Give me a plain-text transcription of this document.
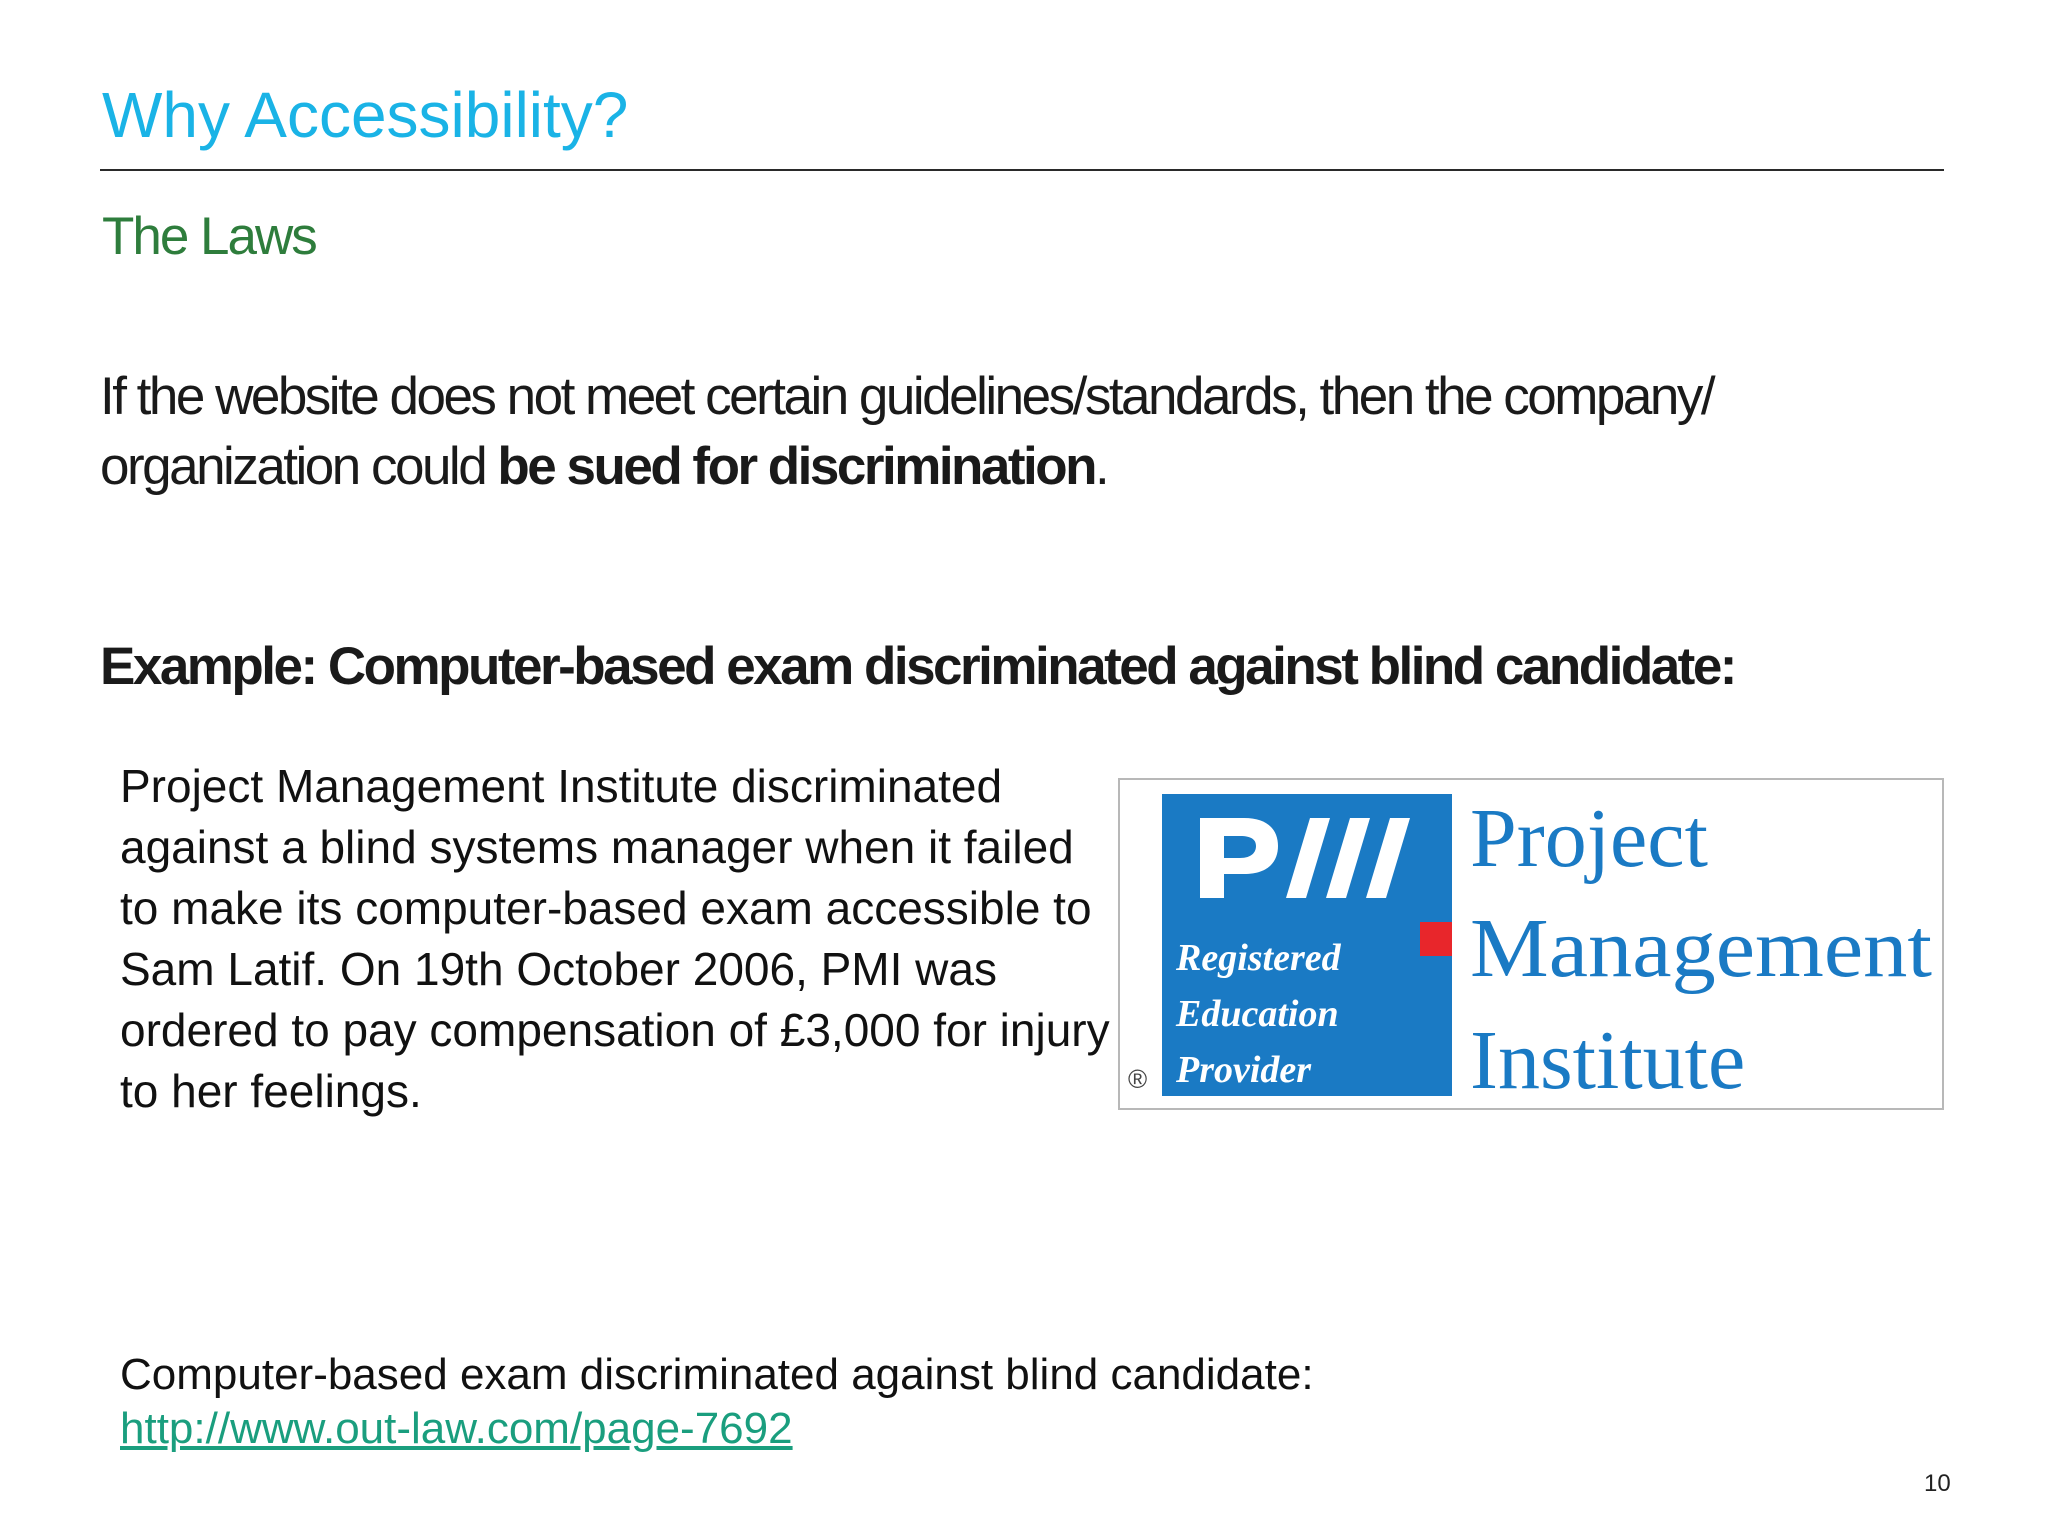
Why Accessibility?
The Laws
If the website does not meet certain guidelines/standards, then the company/ organization could be sued for discrimination.
Example: Computer-based exam discriminated against blind candidate:
Project Management Institute discriminated against a blind systems manager when it failed to make its computer-based exam accessible to Sam Latif. On 19th October 2006, PMI was ordered to pay compensation of £3,000 for injury to her feelings.
Registered
Education
Provider
®
Project
Management
Institute
Computer-based exam discriminated against blind candidate:
http://www.out-law.com/page-7692
10
